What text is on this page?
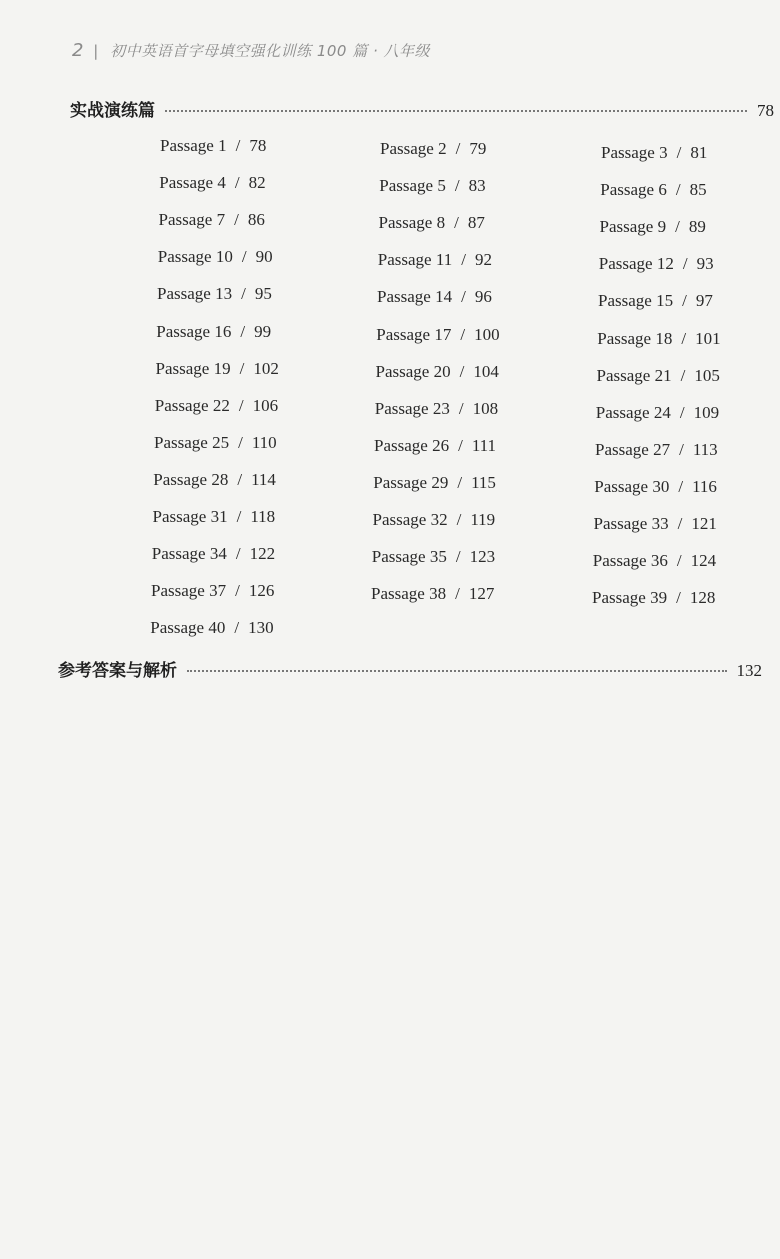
2 | 初中英语首字母填空强化训练 100 篇 · 八年级
实战演练篇	78
Passage 1 / 78	Passage 2 / 79	Passage 3 / 81
Passage 4 / 82	Passage 5 / 83	Passage 6 / 85
Passage 7 / 86	Passage 8 / 87	Passage 9 / 89
Passage 10 / 90	Passage 11 / 92	Passage 12 / 93
Passage 13 / 95	Passage 14 / 96	Passage 15 / 97
Passage 16 / 99	Passage 17 / 100	Passage 18 / 101
Passage 19 / 102	Passage 20 / 104	Passage 21 / 105
Passage 22 / 106	Passage 23 / 108	Passage 24 / 109
Passage 25 / 110	Passage 26 / 111	Passage 27 / 113
Passage 28 / 114	Passage 29 / 115	Passage 30 / 116
Passage 31 / 118	Passage 32 / 119	Passage 33 / 121
Passage 34 / 122	Passage 35 / 123	Passage 36 / 124
Passage 37 / 126	Passage 38 / 127	Passage 39 / 128
Passage 40 / 130
参考答案与解析	132
